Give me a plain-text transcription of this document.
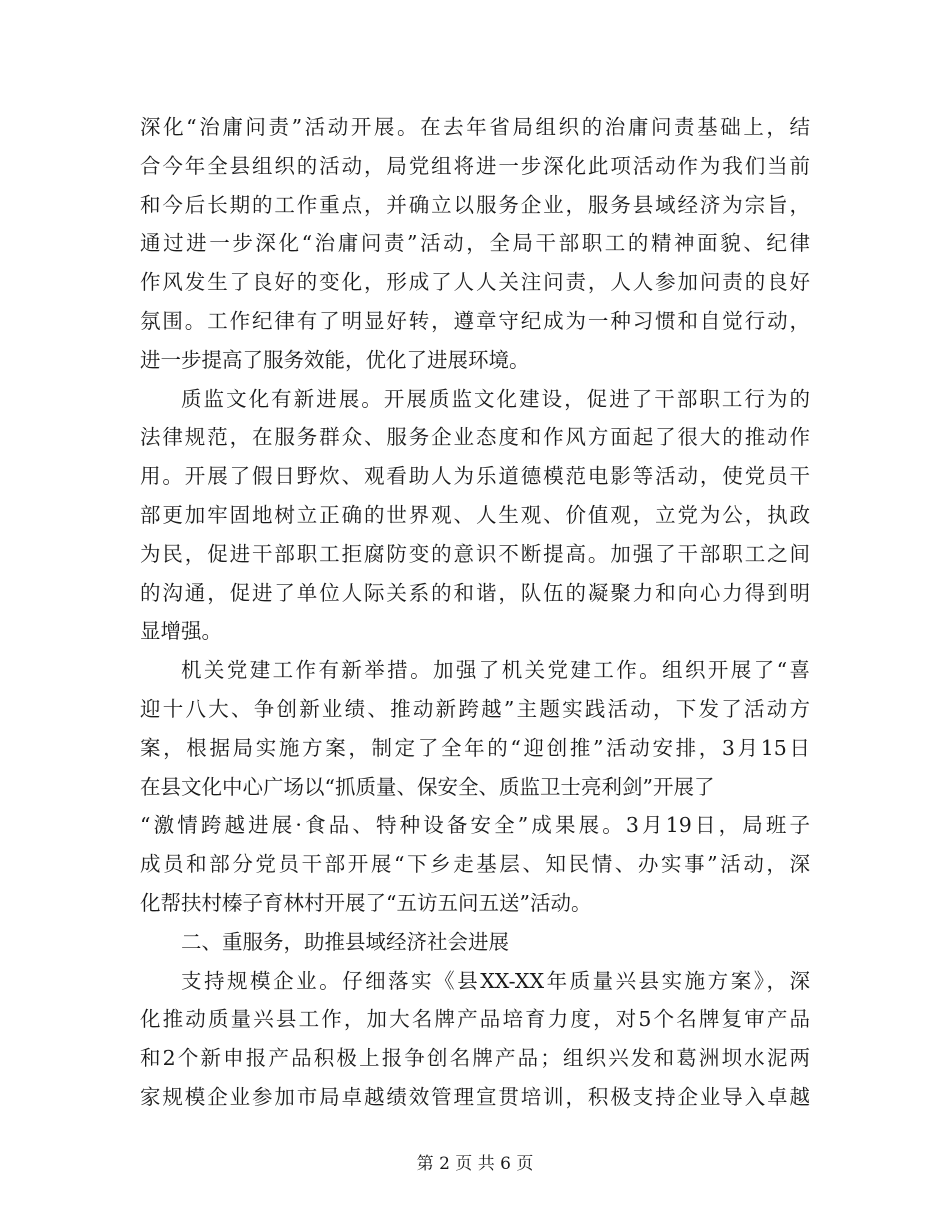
深化“治庸问责”活动开展。在去年省局组织的治庸问责基础上，结
合今年全县组织的活动，局党组将进一步深化此项活动作为我们当前
和今后长期的工作重点，并确立以服务企业，服务县域经济为宗旨，
通过进一步深化“治庸问责”活动，全局干部职工的精神面貌、纪律
作风发生了良好的变化，形成了人人关注问责，人人参加问责的良好
氛围。工作纪律有了明显好转，遵章守纪成为一种习惯和自觉行动，
进一步提高了服务效能，优化了进展环境。
质监文化有新进展。开展质监文化建设，促进了干部职工行为的
法律规范，在服务群众、服务企业态度和作风方面起了很大的推动作
用。开展了假日野炊、观看助人为乐道德模范电影等活动，使党员干
部更加牢固地树立正确的世界观、人生观、价值观，立党为公，执政
为民，促进干部职工拒腐防变的意识不断提高。加强了干部职工之间
的沟通，促进了单位人际关系的和谐，队伍的凝聚力和向心力得到明
显增强。
机关党建工作有新举措。加强了机关党建工作。组织开展了“喜
迎十八大、争创新业绩、推动新跨越”主题实践活动，下发了活动方
案，根据局实施方案，制定了全年的“迎创推”活动安排，3月15日
在县文化中心广场以“抓质量、保安全、质监卫士亮利剑”开展了
“激情跨越进展·食品、特种设备安全”成果展。3月19日，局班子
成员和部分党员干部开展“下乡走基层、知民情、办实事”活动，深
化帮扶村榛子育林村开展了“五访五问五送”活动。
二、重服务，助推县域经济社会进展
支持规模企业。仔细落实《县XX-XX年质量兴县实施方案》，深
化推动质量兴县工作，加大名牌产品培育力度，对5个名牌复审产品
和2个新申报产品积极上报争创名牌产品；组织兴发和葛洲坝水泥两
家规模企业参加市局卓越绩效管理宣贯培训，积极支持企业导入卓越
第 2 页 共 6 页
